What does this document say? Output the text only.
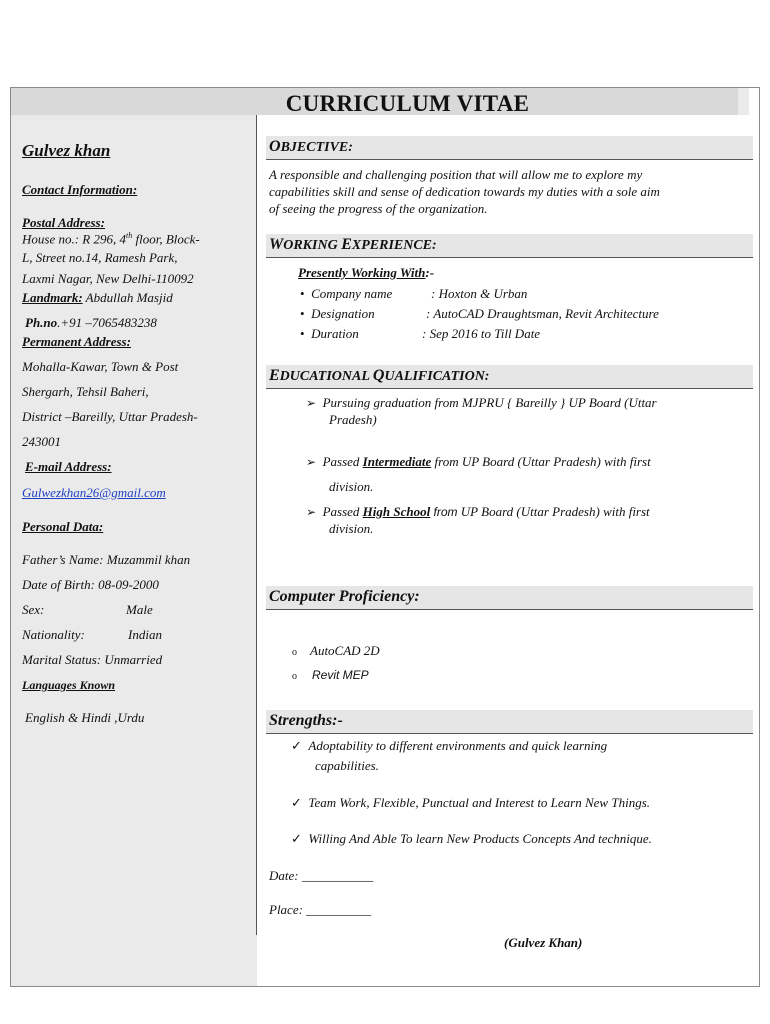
CURRICULUM VITAE
Gulvez khan
Contact Information:
Postal Address:
House no.: R 296, 4th floor, Block-
L, Street no.14, Ramesh Park,
Laxmi Nagar, New Delhi-110092
Landmark: Abdullah Masjid
Ph.no.+91 –7065483238
Permanent Address:
Mohalla-Kawar, Town & Post
Shergarh, Tehsil Baheri,
District –Bareilly, Uttar Pradesh-
243001
E-mail Address:
Gulwezkhan26@gmail.com
Personal Data:
Father’s Name: Muzammil khan
Date of Birth: 08-09-2000
Sex:	Male
Nationality:	Indian
Marital Status: Unmarried
Languages Known
English & Hindi ,Urdu
OBJECTIVE:
A responsible and challenging position that will allow me to explore my
capabilities skill and sense of dedication towards my duties with a sole aim
of seeing the progress of the organization.
WORKING EXPERIENCE:
Presently Working With:-
• Company name	: Hoxton & Urban
• Designation	: AutoCAD Draughtsman, Revit Architecture
• Duration	: Sep 2016 to Till Date
EDUCATIONAL QUALIFICATION:
➢ Pursuing graduation from MJPRU { Bareilly } UP Board (Uttar
Pradesh)
➢ Passed Intermediate from UP Board (Uttar Pradesh) with first
division.
➢ Passed High School from UP Board (Uttar Pradesh) with first
division.
Computer Proficiency:
o AutoCAD 2D
o Revit MEP
Strengths:-
✓ Adoptability to different environments and quick learning
capabilities.
✓ Team Work, Flexible, Punctual and Interest to Learn New Things.
✓ Willing And Able To learn New Products Concepts And technique.
Date: ___________
Place: __________
(Gulvez Khan)
